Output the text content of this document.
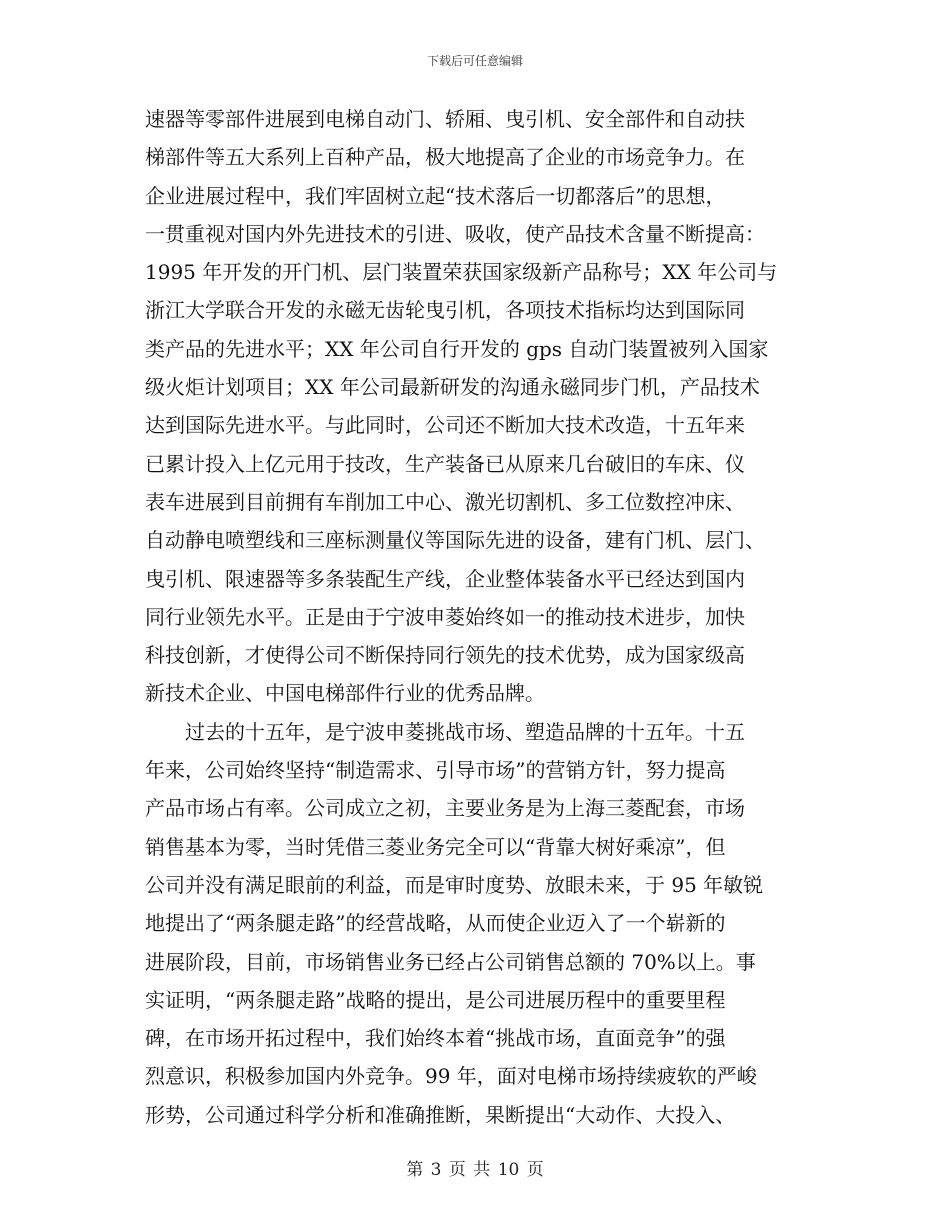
下载后可任意编辑
速器等零部件进展到电梯自动门、轿厢、曳引机、安全部件和自动扶
梯部件等五大系列上百种产品，极大地提高了企业的市场竞争力。在
企业进展过程中，我们牢固树立起“技术落后一切都落后”的思想，
一贯重视对国内外先进技术的引进、吸收，使产品技术含量不断提高：
1995 年开发的开门机、层门装置荣获国家级新产品称号；XX 年公司与
浙江大学联合开发的永磁无齿轮曳引机，各项技术指标均达到国际同
类产品的先进水平；XX 年公司自行开发的 gps 自动门装置被列入国家
级火炬计划项目；XX 年公司最新研发的沟通永磁同步门机，产品技术
达到国际先进水平。与此同时，公司还不断加大技术改造，十五年来
已累计投入上亿元用于技改，生产装备已从原来几台破旧的车床、仪
表车进展到目前拥有车削加工中心、激光切割机、多工位数控冲床、
自动静电喷塑线和三座标测量仪等国际先进的设备，建有门机、层门、
曳引机、限速器等多条装配生产线，企业整体装备水平已经达到国内
同行业领先水平。正是由于宁波申菱始终如一的推动技术进步，加快
科技创新，才使得公司不断保持同行领先的技术优势，成为国家级高
新技术企业、中国电梯部件行业的优秀品牌。
过去的十五年，是宁波申菱挑战市场、塑造品牌的十五年。十五
年来，公司始终坚持“制造需求、引导市场”的营销方针，努力提高
产品市场占有率。公司成立之初，主要业务是为上海三菱配套，市场
销售基本为零，当时凭借三菱业务完全可以“背靠大树好乘凉”，但
公司并没有满足眼前的利益，而是审时度势、放眼未来，于 95 年敏锐
地提出了“两条腿走路”的经营战略，从而使企业迈入了一个崭新的
进展阶段，目前，市场销售业务已经占公司销售总额的 70%以上。事
实证明，“两条腿走路”战略的提出，是公司进展历程中的重要里程
碑，在市场开拓过程中，我们始终本着“挑战市场，直面竞争”的强
烈意识，积极参加国内外竞争。99 年，面对电梯市场持续疲软的严峻
形势，公司通过科学分析和准确推断，果断提出“大动作、大投入、
第 3 页 共 10 页
